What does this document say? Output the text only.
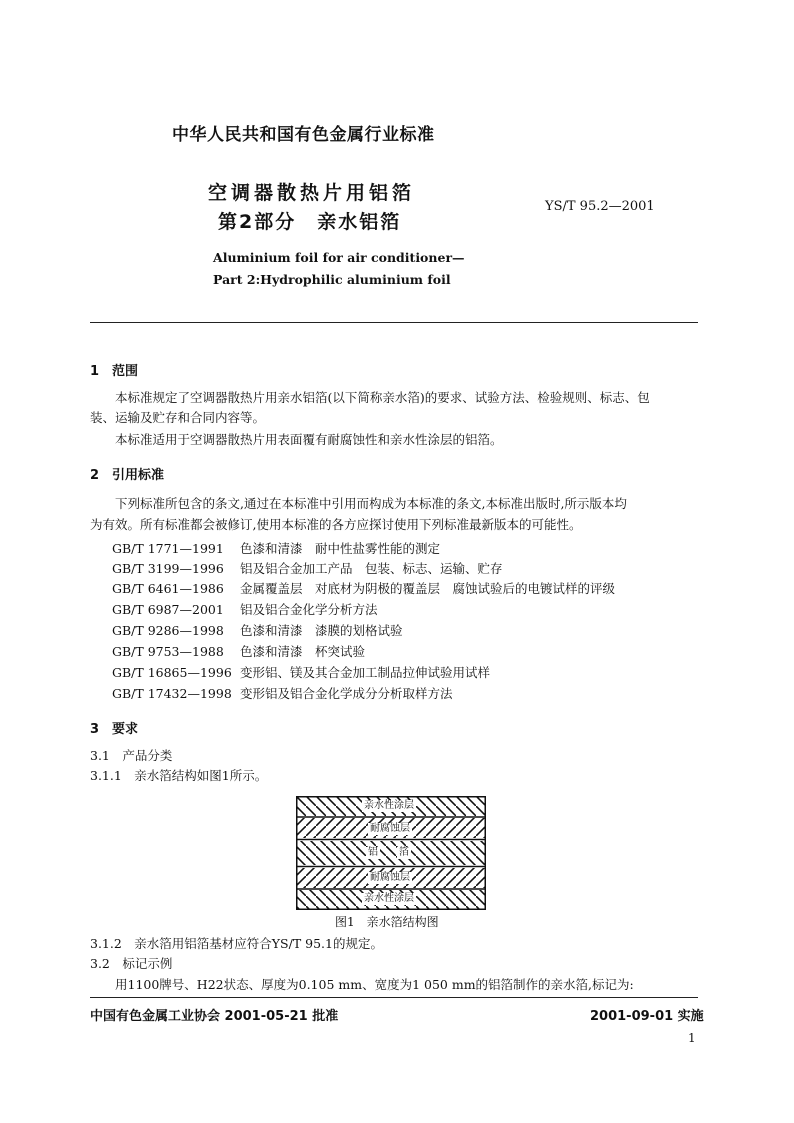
中华人民共和国有色金属行业标准
空调器散热片用铝箔
第2部分　亲水铝箔
YS/T 95.2—2001
Aluminium foil for air conditioner—
Part 2:Hydrophilic aluminium foil
1　范围
本标准规定了空调器散热片用亲水铝箔(以下简称亲水箔)的要求、试验方法、检验规则、标志、包
装、运输及贮存和合同内容等。
本标准适用于空调器散热片用表面覆有耐腐蚀性和亲水性涂层的铝箔。
2　引用标准
下列标准所包含的条文,通过在本标准中引用而构成为本标准的条文,本标准出版时,所示版本均
为有效。所有标准都会被修订,使用本标准的各方应探讨使用下列标准最新版本的可能性。
GB/T 1771—1991 色漆和清漆　耐中性盐雾性能的测定
GB/T 3199—1996 铝及铝合金加工产品　包装、标志、运输、贮存
GB/T 6461—1986 金属覆盖层　对底材为阴极的覆盖层　腐蚀试验后的电镀试样的评级
GB/T 6987—2001 铝及铝合金化学分析方法
GB/T 9286—1998 色漆和清漆　漆膜的划格试验
GB/T 9753—1988 色漆和清漆　杯突试验
GB/T 16865—1996 变形铝、镁及其合金加工制品拉伸试验用试样
GB/T 17432—1998 变形铝及铝合金化学成分分析取样方法
3　要求
3.1　产品分类
3.1.1　亲水箔结构如图1所示。
亲水性涂层
耐腐蚀层
铝 箔
耐腐蚀层
亲水性涂层
图1　亲水箔结构图
3.1.2　亲水箔用铝箔基材应符合YS/T 95.1的规定。
3.2　标记示例
用1100牌号、H22状态、厚度为0.105 mm、宽度为1 050 mm的铝箔制作的亲水箔,标记为:
中国有色金属工业协会 2001-05-21 批准	2001-09-01 实施
1
